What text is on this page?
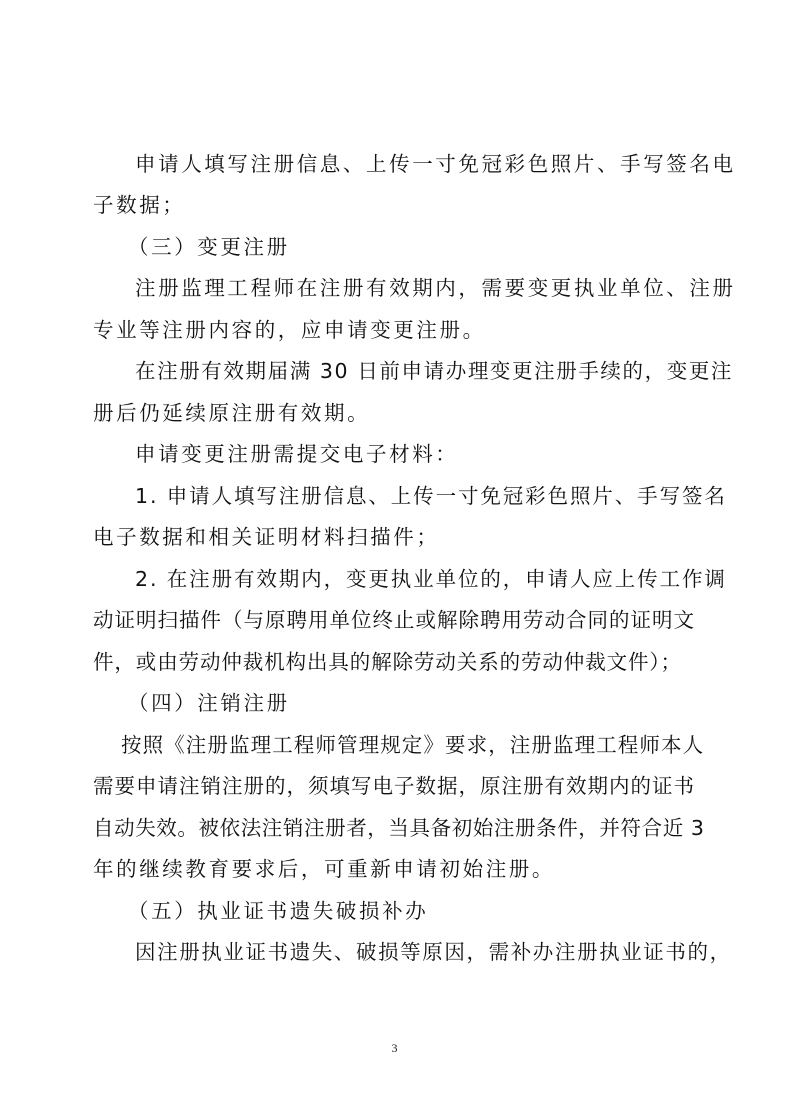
申请人填写注册信息、上传一寸免冠彩色照片、手写签名电
子数据；
（三）变更注册
注册监理工程师在注册有效期内，需要变更执业单位、注册
专业等注册内容的，应申请变更注册。
在注册有效期届满 30 日前申请办理变更注册手续的，变更注
册后仍延续原注册有效期。
申请变更注册需提交电子材料：
1. 申请人填写注册信息、上传一寸免冠彩色照片、手写签名
电子数据和相关证明材料扫描件；
2. 在注册有效期内，变更执业单位的，申请人应上传工作调
动证明扫描件（与原聘用单位终止或解除聘用劳动合同的证明文
件，或由劳动仲裁机构出具的解除劳动关系的劳动仲裁文件）；
（四）注销注册
按照《注册监理工程师管理规定》要求，注册监理工程师本人
需要申请注销注册的，须填写电子数据，原注册有效期内的证书
自动失效。被依法注销注册者，当具备初始注册条件，并符合近 3
年的继续教育要求后，可重新申请初始注册。
（五）执业证书遗失破损补办
因注册执业证书遗失、破损等原因，需补办注册执业证书的，
3
